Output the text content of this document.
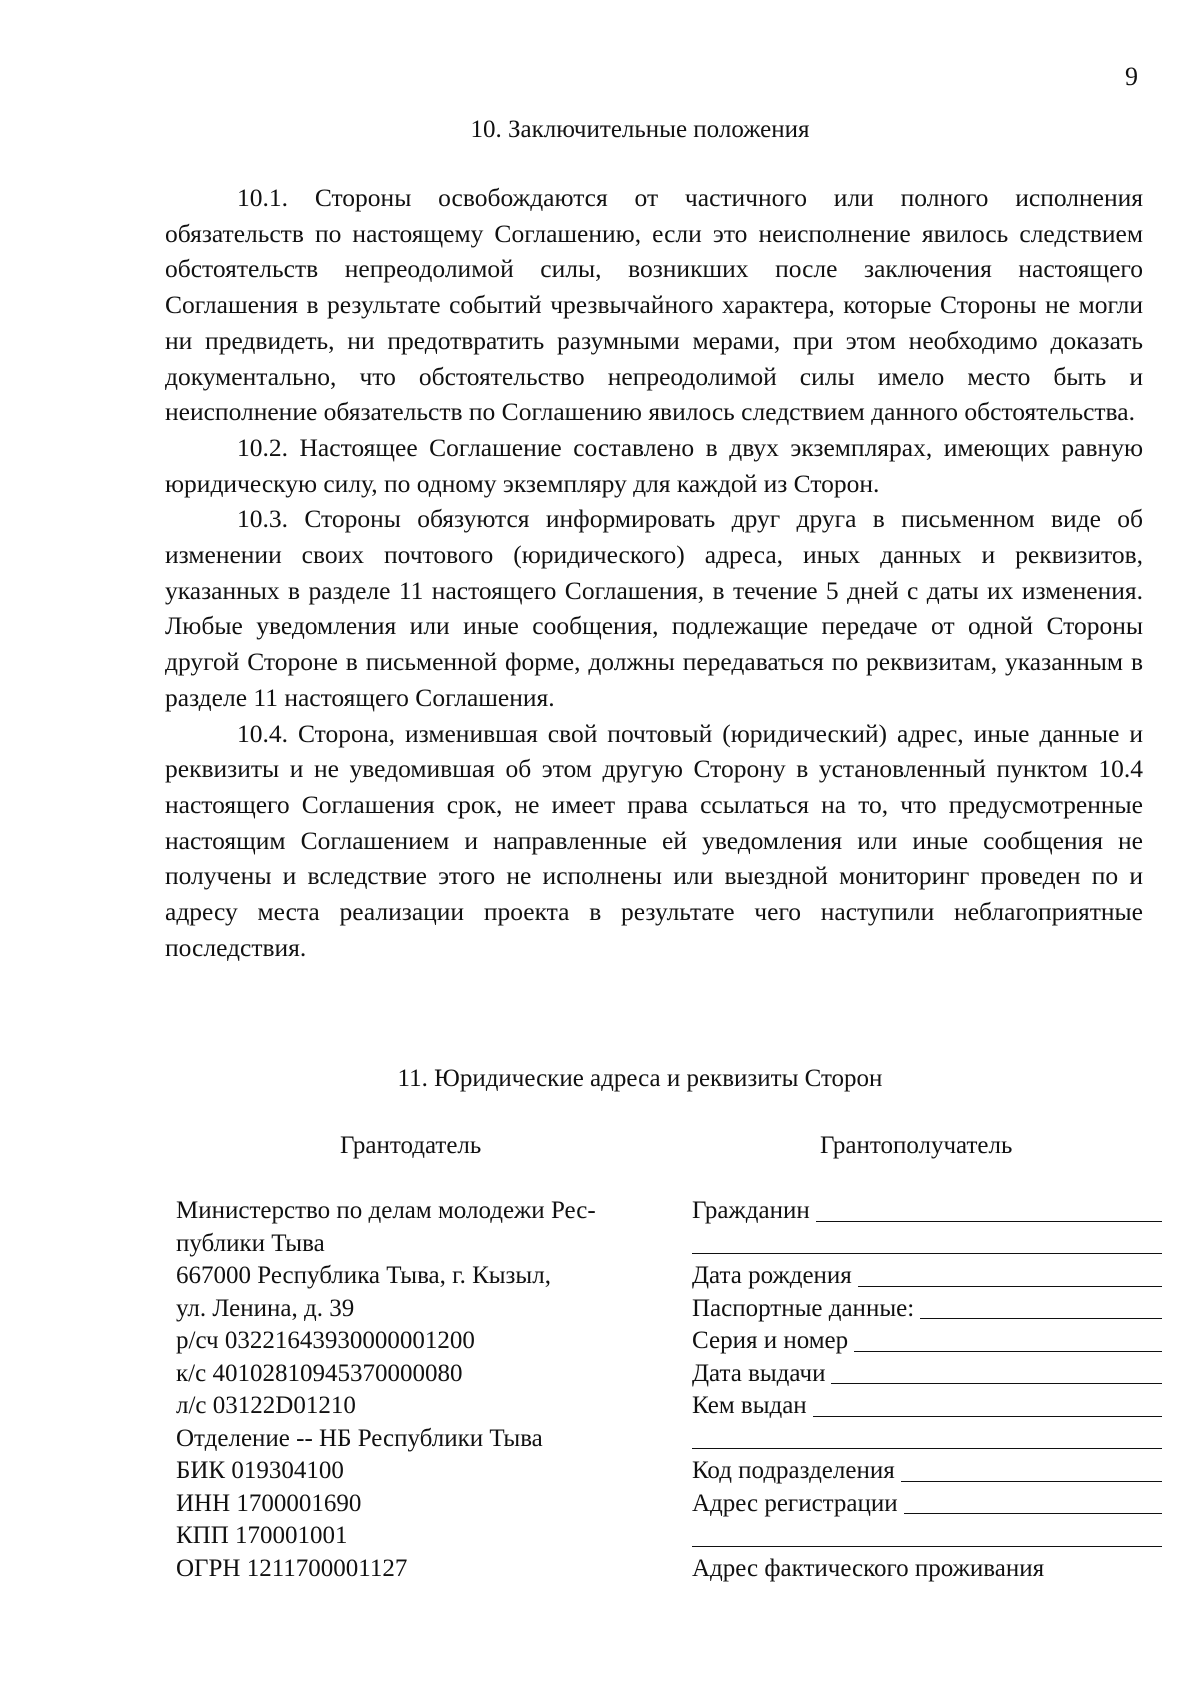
9
10. Заключительные положения

10.1. Стороны освобождаются от частичного или полного исполнения обязательств по настоящему Соглашению, если это неисполнение явилось следствием обстоятельств непреодолимой силы, возникших после заключения настоящего Соглашения в результате событий чрезвычайного характера, которые Стороны не могли ни предвидеть, ни предотвратить разумными мерами, при этом необходимо доказать документально, что обстоятельство непреодолимой силы имело место быть и неисполнение обязательств по Соглашению явилось следствием данного обстоятельства.

10.2. Настоящее Соглашение составлено в двух экземплярах, имеющих равную юридическую силу, по одному экземпляру для каждой из Сторон.

10.3. Стороны обязуются информировать друг друга в письменном виде об изменении своих почтового (юридического) адреса, иных данных и реквизитов, указанных в разделе 11 настоящего Соглашения, в течение 5 дней с даты их изменения. Любые уведомления или иные сообщения, подлежащие передаче от одной Стороны другой Стороне в письменной форме, должны передаваться по реквизитам, указанным в разделе 11 настоящего Соглашения.

10.4. Сторона, изменившая свой почтовый (юридический) адрес, иные данные и реквизиты и не уведомившая об этом другую Сторону в установленный пунктом 10.4 настоящего Соглашения срок, не имеет права ссылаться на то, что предусмотренные настоящим Соглашением и направленные ей уведомления или иные сообщения не получены и вследствие этого не исполнены или выездной мониторинг проведен по и адресу места реализации проекта в результате чего наступили неблагоприятные последствия.

11. Юридические адреса и реквизиты Сторон
Грантодатель	Грантополучатель
Министерство по делам молодежи Рес-
публики Тыва
667000 Республика Тыва, г. Кызыл,
ул. Ленина, д. 39
р/сч 03221643930000001200
к/с 40102810945370000080
л/с 03122D01210
Отделение -- НБ Республики Тыва
БИК 019304100
ИНН 1700001690
КПП 170001001
ОГРН 1211700001127
Гражданин
Дата рождения
Паспортные данные:
Серия и номер
Дата выдачи
Кем выдан
Код подразделения
Адрес регистрации
Адрес фактического проживания
